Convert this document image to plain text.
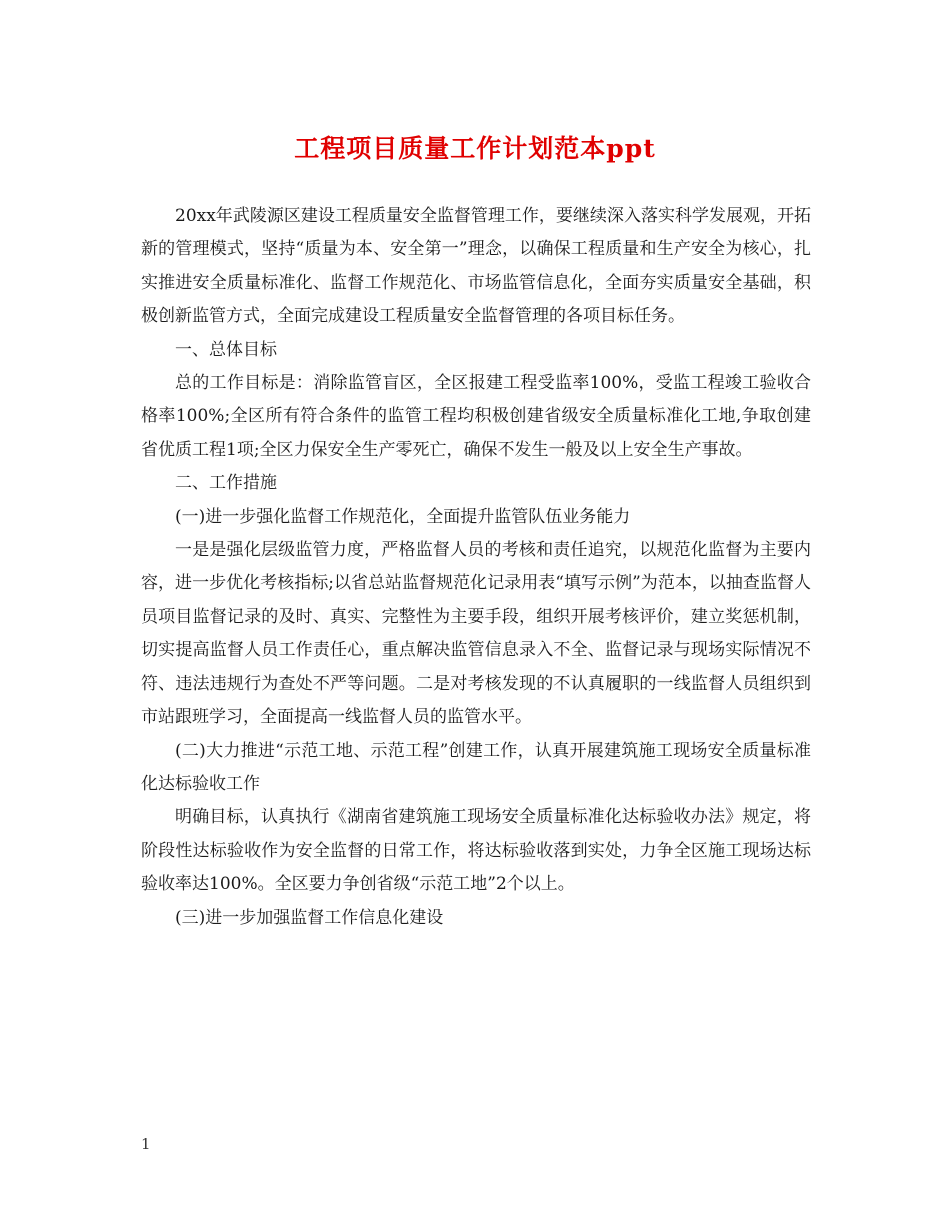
工程项目质量工作计划范本ppt

20xx年武陵源区建设工程质量安全监督管理工作，要继续深入落实科学发展观，开拓新的管理模式，坚持“质量为本、安全第一”理念，以确保工程质量和生产安全为核心，扎实推进安全质量标准化、监督工作规范化、市场监管信息化，全面夯实质量安全基础，积极创新监管方式，全面完成建设工程质量安全监督管理的各项目标任务。

一、总体目标

总的工作目标是：消除监管盲区，全区报建工程受监率100%，受监工程竣工验收合格率100%;全区所有符合条件的监管工程均积极创建省级安全质量标准化工地,争取创建省优质工程1项;全区力保安全生产零死亡，确保不发生一般及以上安全生产事故。

二、工作措施

(一)进一步强化监督工作规范化，全面提升监管队伍业务能力

一是是强化层级监管力度，严格监督人员的考核和责任追究，以规范化监督为主要内容，进一步优化考核指标;以省总站监督规范化记录用表“填写示例”为范本，以抽查监督人员项目监督记录的及时、真实、完整性为主要手段，组织开展考核评价，建立奖惩机制，切实提高监督人员工作责任心，重点解决监管信息录入不全、监督记录与现场实际情况不符、违法违规行为查处不严等问题。二是对考核发现的不认真履职的一线监督人员组织到市站跟班学习，全面提高一线监督人员的监管水平。

(二)大力推进“示范工地、示范工程”创建工作，认真开展建筑施工现场安全质量标准化达标验收工作

明确目标，认真执行《湖南省建筑施工现场安全质量标准化达标验收办法》规定，将阶段性达标验收作为安全监督的日常工作，将达标验收落到实处，力争全区施工现场达标验收率达100%。全区要力争创省级“示范工地”2个以上。

(三)进一步加强监督工作信息化建设

1
